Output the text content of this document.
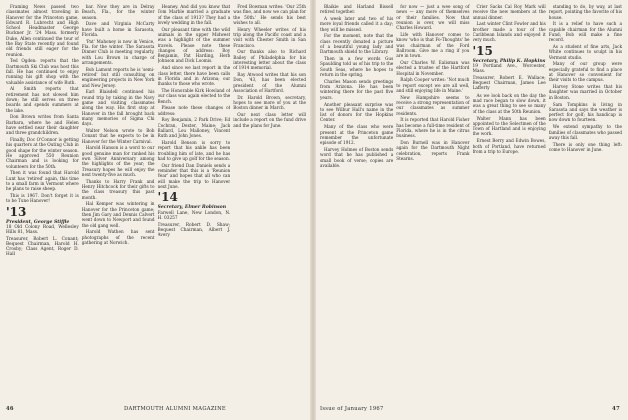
Framing News passed two classmates almost traveling in Hanover for the Princeton game, Edward R. Lubrecht and High School Headmaster George Buckner Jr. '24 Mass. formerly Duke, Allen continued the tour of the Bay State recently and found old friends still eager for the reunion.

Ted Ogden: reports that the Dartmouth Ski Club was host this fall. He has continued to enjoy running his gift shop with the valuable assistance of wife Ruth.

Al Smith reports that retirement has not slowed him down; he still serves on three boards and spends summers at the lake.

Don Brown writes from Santa Barbara, where he and Helen have settled near their daughter and three grandchildren.

Finally, Doc O'Connor is getting his quarters at the Outing Club in good shape for the winter season. He approved 550 Reunion Chairman and is looking for volunteers for the 50th.

Then it was found that Harold Lunt has 'retired' again, this time to a small farm in Vermont where he plans to raise sheep.

This is 1967. Don't forget it is to be Tune Hanover!

'13
President, George Stiffle
18 Old Colony Road, Wellesley Hills 81, Mass.
Treasurer, Robert L. Conant; Bequest Chairman, Harold H. Crosby; Class Agent, Roger D. Hall

bar. Now they are in Delray Beach, Fla., for the winter season.

Dave and Virginia McCarty have built a home in Sarasota, Florida.

'Pat' Mahoney is now in Venice, Fla. for the winter. The Sarasota Dinner Club is meeting regularly, with Lou Brown in charge of arrangements.

Bob Lamont reports he is 'semi-retired' but still consulting on engineering projects in New York and New Jersey.

Earl Blaisdell continued his round trip by taking in the Navy game and visiting classmates along the way. His first stop at Hanover in the fall brought back many memories of Sigma Chi days.

Walter Nelson wrote to Bob Conant that he expects to be in Hanover for the Winter Carnival.

Harold Hanson is a word to our good genuine man for ranked his own Silver Anniversary among the highlights of the year; the Treasury hopes he will enjoy the next twenty-five as much.

Thanks to Harry Frank and Henry Hitchcock for their gifts to the class treasury this past month.

Hal Kemper was wintering in Hanover for the Princeton game; then Jim Gary and Dennis Calvert went down to Newport and found the old gang well.

Harold Wathen has sent photographs of the recent gathering at Norwich.

Heaney. And did you know that Tom Marble married a graduate of the class of 1913? They had a lovely wedding in the fall.

Our pleasant time with the wild animals in the upper Midwest was a highlight of the summer travels. Please note these changes of address: Roy Benjamin, Pat Harding, Herb Johnson and Dick Loomis.

And since we last report in the class letter, there have been calls in Florida and in Arizona; our thanks to those who wrote.

The Honorable Kirk Howland of our class was again elected to the Bench.

Please note these changes of address:

Roy Benjamin, 2 Park Drive; Ed Cochran, Dexter, Maine; Jack Ballard, Lou Malloney, Vincent Ruth and John Jones.

Harold Benson is sorry to report that his ankle has been troubling him of late, and he has had to give up golf for the season.

Our friend Dan Daniels sends a reminder that this is a 'Reunion Year' and hopes that all who can will make the trip to Hanover next June.

'14
Secretary, Elmer Robinson
Farwell Lane, New London, N. H. 03257
Treasurer, Robert D. Shaw; Bequest Chairman, Albert J. Avery

Fred Bowman writes: 'Our 25th was fine, and now we can plan for the 50th.' He sends his best wishes to all.

Henry Wheeler writes of his trip along the Pacific coast and a visit with Chester Smith in San Francisco.

Our thanks also to Richard Bailey of Philadelphia for his interesting letter about the class of 1914 memorial.

Ray Atwood writes that his son Don, '43, has been elected president of the Alumni Association of Hartford.

Dr. Harold Brown, secretary, hopes to see more of you at the Boston dinner in March.

Our next class letter will include a report on the fund drive and the plans for June.

46	DARTMOUTH ALUMNI MAGAZINE

Blaikie and Harland Bissell retired together.

A week later and two of his more loyal friends called it a day; they will be missed.

For the moment, note that the class recently donated a picture of a beautiful young lady and Dartmouth shield to the Library.

Then in a few words Gus Spaulding told us of his trip to the South Seas, where he hopes to return in the spring.

Charles Mason sends greetings from Arizona. He has been wintering there for the past five years.

Another pleasant surprise was to see Wilbur Hall's name in the list of donors for the Hopkins Center.

Many of the class who were present at the Princeton game remember the unfortunate episode of 1912.

Harvey Holmes of Boston sends word that he has published a small book of verse; copies are available.

for now — just a wee song of news — any more of themselves or their families. Now that reunion is over, we will miss Charles Howard.

Life with Hanover comes to know 'who is that Fo-Thoughts' he was chairman of the Ford Ballroom. Give me a ring if you are in town.

Our Charles W. Ealisman was elected a trustee of the Hartford Hospital in November.

Ralph Cooper writes: 'Not much to report except we are all well, and still enjoying life in Maine.'

New Hampshire seems to receive a strong representation of our classmates as summer residents.

It is reported that Harold Fisher has become a full-time resident of Florida, where he is in the citrus business.

Don Burnell was in Hanover again for the Dartmouth Night celebration, reports Frank Stearns.

Crier Sacks Cal Roy Mark will receive the new members at the annual dinner.

Last winter Clint Fowler and his brother made a tour of the Caribbean Islands and enjoyed it very much.

'15
Secretary, Philip K. Hopkins
19 Portland Ave., Worcester, Mass.
Treasurer, Robert E. Wallace; Bequest Chairman, James Lee Lafferty

As we look back on the day the mad race began to slow down, it was a great thing to see so many of the class at the 50th Reunion.

Walter Mann has been appointed to the Selectmen of the Town of Hartland and is enjoying the work.

Ernest Berry and Edwin Bowes, both of Portland, have returned from a trip to Europe.

standing to do, by way, at last report, pointing the favorite of his house.

It is a relief to have such a capable chairman for the Alumni Fund; Bob will make a fine record.

As a student of fine arts, Jack White continues to sculpt in his Vermont studio.

Many of our group were especially grateful to find a place at Hanover so convenient for their visits to the campus.

Harvey Stone writes that his daughter was married in October in Boston.

Sam Tompkins is living in Sarasota and says the weather is perfect for golf; his handicap is now down to fourteen.

We extend sympathy to the families of classmates who passed away this fall.

There is only one thing left: come to Hanover in June.

Issue of January 1967	47
